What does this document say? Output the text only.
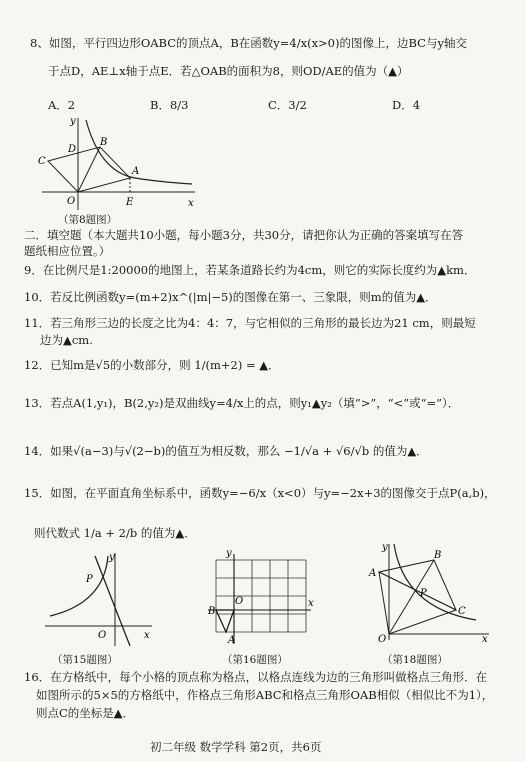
8、如图，平行四边形OABC的顶点A，B在函数y=4/x(x>0)的图像上，边BC与y轴交
于点D，AE⊥x轴于点E．若△OAB的面积为8，则OD/AE的值为（▲）
A．2	B．8/3	C．3/2	D．4
y
x
O
A
B
C
D
E
（第8题图）
二．填空题（本大题共10小题，每小题3分，共30分，请把你认为正确的答案填写在答
题纸相应位置。）
9．在比例尺是1:20000的地图上，若某条道路长约为4cm，则它的实际长度约为▲km．
10．若反比例函数y=(m+2)x^(|m|−5)的图像在第一、三象限，则m的值为▲．
11．若三角形三边的长度之比为4：4：7，与它相似的三角形的最长边为21 cm，则最短
边为▲cm.
12．已知m是√5的小数部分，则 1/(m+2) = ▲．
13．若点A(1,y₁)，B(2,y₂)是双曲线y=4/x上的点，则y₁▲y₂（填“>”，“<”或“=”）．
14．如果√(a−3)与√(2−b)的值互为相反数，那么 −1/√a + √6/√b 的值为▲．
15．如图，在平面直角坐标系中，函数y=−6/x（x<0）与y=−2x+3的图像交于点P(a,b)，
则代数式 1/a + 2/b 的值为▲．
y
x
O
P
y
x
O
B
A
y
x
O
A
B
C
P
（第15题图）	（第16题图）	（第18题图）
16．在方格纸中，每个小格的顶点称为格点，以格点连线为边的三角形叫做格点三角形．在
如图所示的5×5的方格纸中，作格点三角形ABC和格点三角形OAB相似（相似比不为1），
则点C的坐标是▲．
初二年级 数学学科 第2页，共6页
